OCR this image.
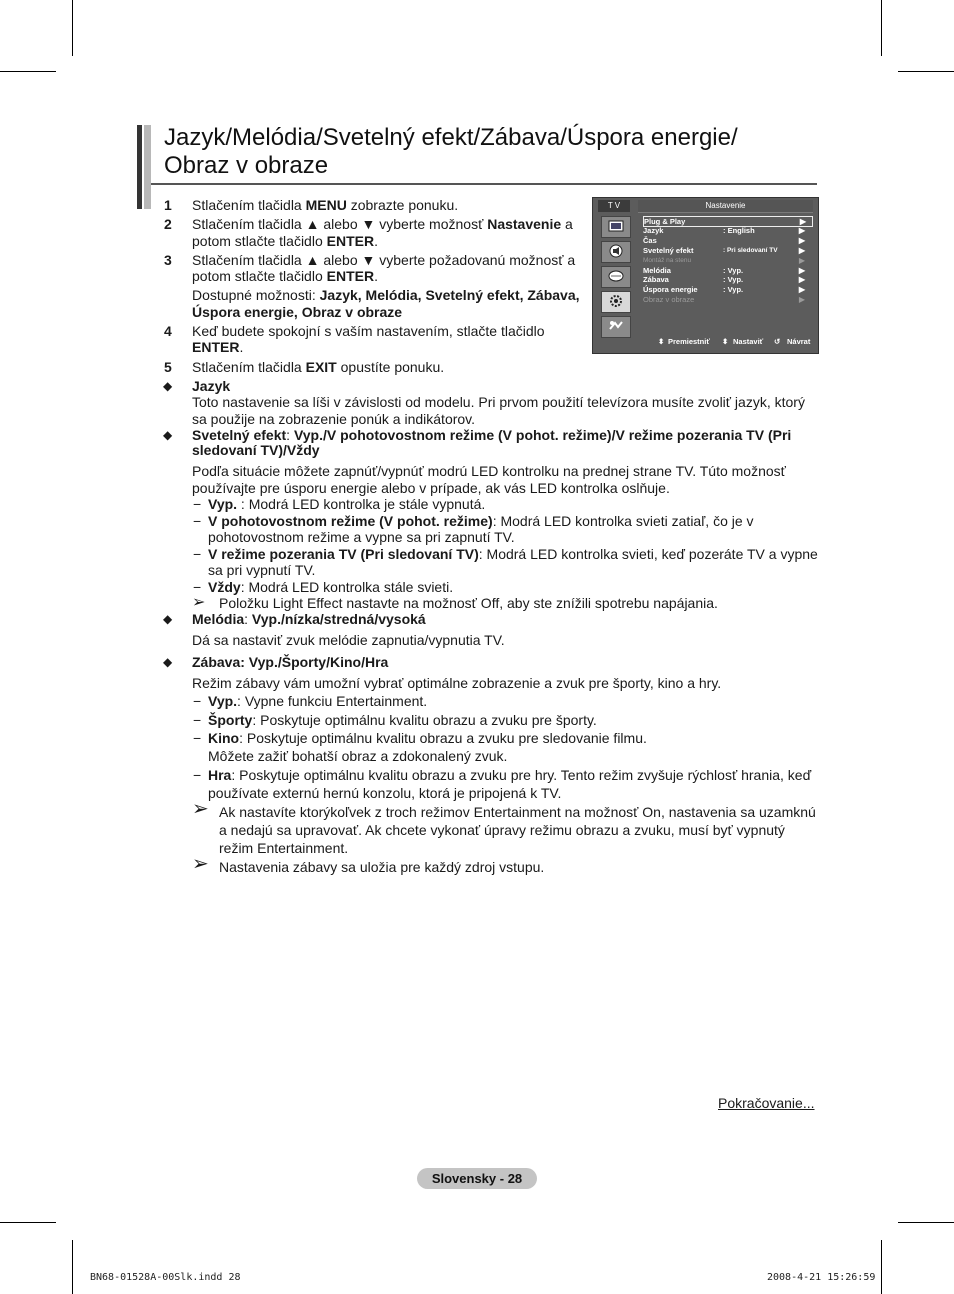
Jazyk/Melódia/Svetelný efekt/Zábava/Úspora energie/
Obraz v obraze
1 Stlačením tlačidla MENU zobrazte ponuku.
2 Stlačením tlačidla ▲ alebo ▼ vyberte možnosť Nastavenie a
potom stlačte tlačidlo ENTER.
3 Stlačením tlačidla ▲ alebo ▼ vyberte požadovanú možnosť a
potom stlačte tlačidlo ENTER.
Dostupné možnosti: Jazyk, Melódia, Svetelný efekt, Zábava,
Úspora energie, Obraz v obraze
4 Keď budete spokojní s vaším nastavením, stlačte tlačidlo
ENTER.
5 Stlačením tlačidla EXIT opustíte ponuku.
T V	Nastavenie
Plug & Play	▶
Jazyk	: English	▶
Čas	▶
Svetelný efekt	: Pri sledovaní TV	▶
Montáž na stenu	▶
Melódia	: Vyp.	▶
Zábava	: Vyp.	▶
Úspora energie	: Vyp.	▶
Obraz v obraze	▶
⬍ Premiestniť ⬍ Nastaviť ↺ Návrat
◆ Jazyk
Toto nastavenie sa líši v závislosti od modelu. Pri prvom použití televízora musíte zvoliť jazyk, ktorý
sa použije na zobrazenie ponúk a indikátorov.
◆ Svetelný efekt: Vyp./V pohotovostnom režime (V pohot. režime)/V režime pozerania TV (Pri
sledovaní TV)/Vždy
Podľa situácie môžete zapnúť/vypnúť modrú LED kontrolku na prednej strane TV. Túto možnosť
používajte pre úsporu energie alebo v prípade, ak vás LED kontrolka oslňuje.
− Vyp. : Modrá LED kontrolka je stále vypnutá.
− V pohotovostnom režime (V pohot. režime): Modrá LED kontrolka svieti zatiaľ, čo je v
pohotovostnom režime a vypne sa pri zapnutí TV.
− V režime pozerania TV (Pri sledovaní TV): Modrá LED kontrolka svieti, keď pozeráte TV a vypne
sa pri vypnutí TV.
− Vždy: Modrá LED kontrolka stále svieti.
➢ Položku Light Effect nastavte na možnosť Off, aby ste znížili spotrebu napájania.
◆ Melódia: Vyp./nízka/stredná/vysoká
Dá sa nastaviť zvuk melódie zapnutia/vypnutia TV.
◆ Zábava: Vyp./Športy/Kino/Hra
Režim zábavy vám umožní vybrať optimálne zobrazenie a zvuk pre športy, kino a hry.
− Vyp.: Vypne funkciu Entertainment.
− Športy: Poskytuje optimálnu kvalitu obrazu a zvuku pre športy.
− Kino: Poskytuje optimálnu kvalitu obrazu a zvuku pre sledovanie filmu.
Môžete zažiť bohatší obraz a zdokonalený zvuk.
− Hra: Poskytuje optimálnu kvalitu obrazu a zvuku pre hry. Tento režim zvyšuje rýchlosť hrania, keď
používate externú hernú konzolu, ktorá je pripojená k TV.
➢ Ak nastavíte ktorýkoľvek z troch režimov Entertainment na možnosť On, nastavenia sa uzamknú
a nedajú sa upravovať. Ak chcete vykonať úpravy režimu obrazu a zvuku, musí byť vypnutý
režim Entertainment.
➢ Nastavenia zábavy sa uložia pre každý zdroj vstupu.
Pokračovanie...
Slovensky - 28
BN68-01528A-00Slk.indd 28	2008-4-21 15:26:59
